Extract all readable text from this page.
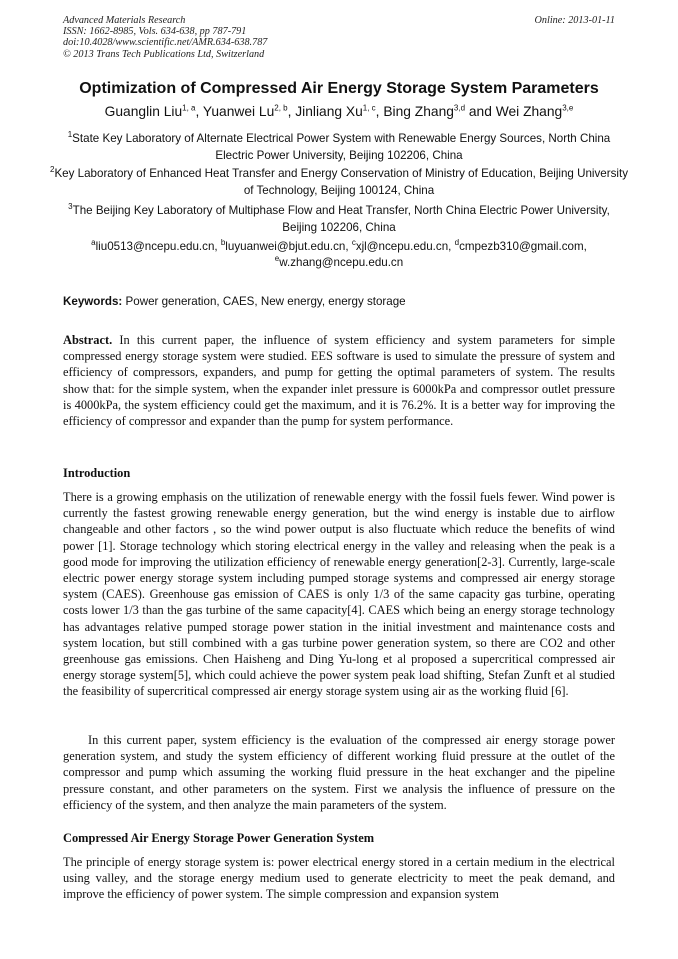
Advanced Materials Research
ISSN: 1662-8985, Vols. 634-638, pp 787-791
doi:10.4028/www.scientific.net/AMR.634-638.787
© 2013 Trans Tech Publications Ltd, Switzerland
Online: 2013-01-11
Optimization of Compressed Air Energy Storage System Parameters
Guanglin Liu$^{1, a}$, Yuanwei Lu$^{2, b}$, Jinliang Xu$^{1, c}$, Bing Zhang$^{3,d}$ and Wei Zhang$^{3,e}$
$^1$State Key Laboratory of Alternate Electrical Power System with Renewable Energy Sources, North China Electric Power University, Beijing 102206, China
$^2$Key Laboratory of Enhanced Heat Transfer and Energy Conservation of Ministry of Education, Beijing University of Technology, Beijing 100124, China
$^3$The Beijing Key Laboratory of Multiphase Flow and Heat Transfer, North China Electric Power University, Beijing 102206, China
$^a$liu0513@ncepu.edu.cn, $^b$luyuanwei@bjut.edu.cn, $^c$xjl@ncepu.edu.cn, $^d$cmpezb310@gmail.com,
$^e$w.zhang@ncepu.edu.cn
Keywords: Power generation, CAES, New energy, energy storage
Abstract. In this current paper, the influence of system efficiency and system parameters for simple compressed energy storage system were studied. EES software is used to simulate the pressure of system and efficiency of compressors, expanders, and pump for getting the optimal parameters of system. The results show that: for the simple system, when the expander inlet pressure is 6000kPa and compressor outlet pressure is 4000kPa, the system efficiency could get the maximum, and it is 76.2%. It is a better way for improving the efficiency of compressor and expander than the pump for system performance.
Introduction
There is a growing emphasis on the utilization of renewable energy with the fossil fuels fewer. Wind power is currently the fastest growing renewable energy generation, but the wind energy is instable due to airflow changeable and other factors , so the wind power output is also fluctuate which reduce the benefits of wind power [1]. Storage technology which storing electrical energy in the valley and releasing when the peak is a good mode for improving the utilization efficiency of renewable energy generation[2-3]. Currently, large-scale electric power energy storage system including pumped storage systems and compressed air energy storage system (CAES). Greenhouse gas emission of CAES is only 1/3 of the same capacity gas turbine, operating costs lower 1/3 than the gas turbine of the same capacity[4]. CAES which being an energy storage technology has advantages relative pumped storage power station in the initial investment and maintenance costs and system location, but still combined with a gas turbine power generation system, so there are CO2 and other greenhouse gas emissions. Chen Haisheng and Ding Yu-long et al proposed a supercritical compressed air energy storage system[5], which could achieve the power system peak load shifting, Stefan Zunft et al studied the feasibility of supercritical compressed air energy storage system using air as the working fluid [6].
In this current paper, system efficiency is the evaluation of the compressed air energy storage power generation system, and study the system efficiency of different working fluid pressure at the outlet of the compressor and pump which assuming the working fluid pressure in the heat exchanger and the pipeline pressure constant, and other parameters on the system. First we analysis the influence of pressure on the efficiency of the system, and then analyze the main parameters of the system.
Compressed Air Energy Storage Power Generation System
The principle of energy storage system is: power electrical energy stored in a certain medium in the electrical using valley, and the storage energy medium used to generate electricity to meet the peak demand, and improve the efficiency of power system. The simple compression and expansion system
